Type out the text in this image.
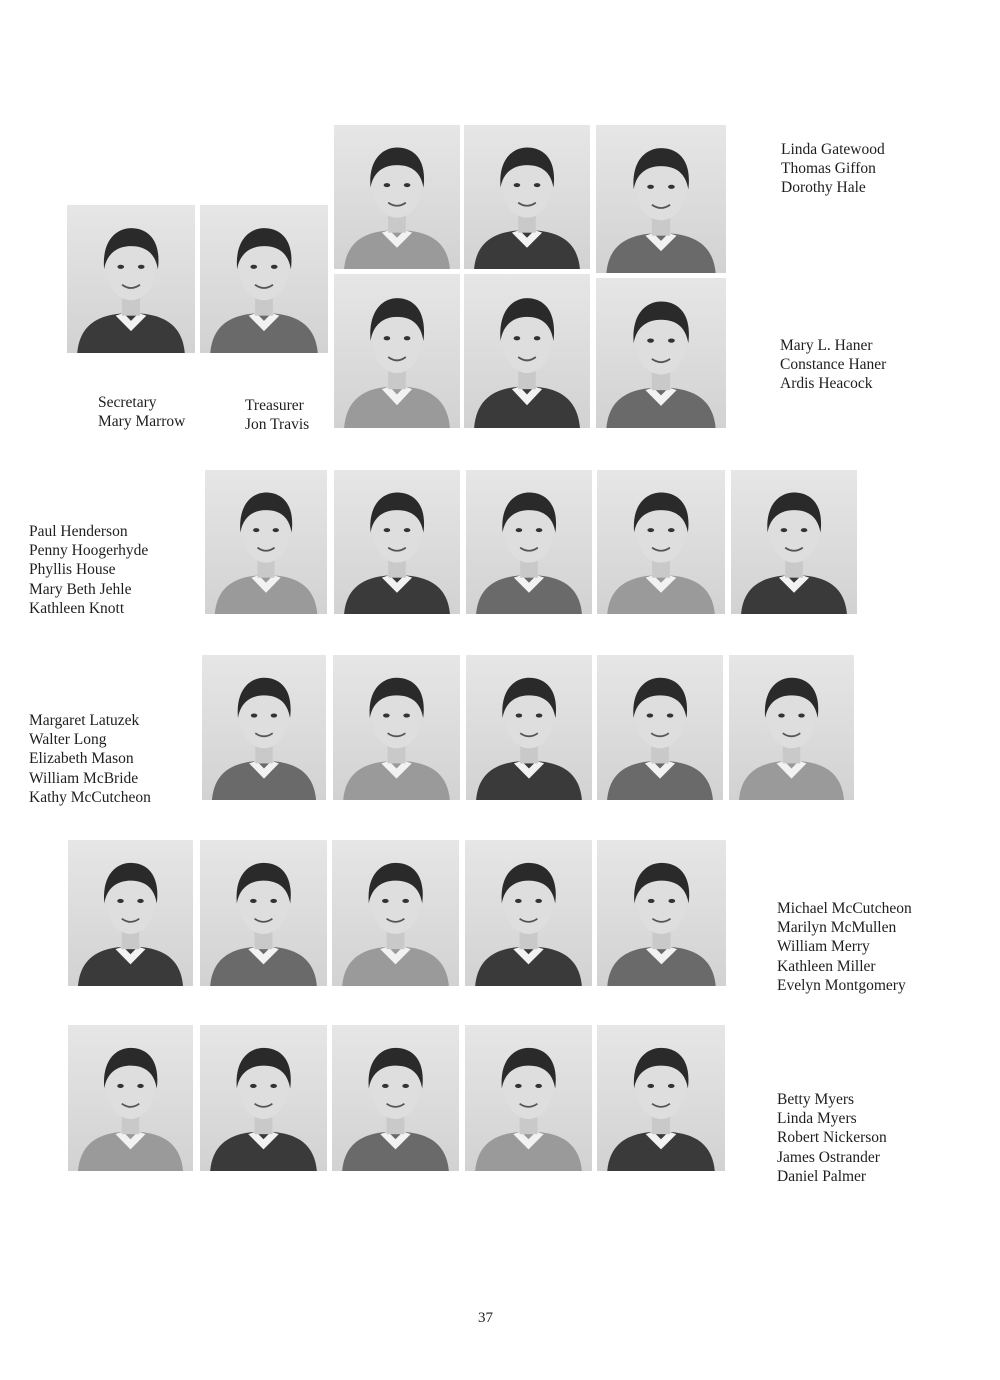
Secretary
Mary Marrow
Treasurer
Jon Travis
Linda Gatewood
Thomas Giffon
Dorothy Hale
Mary L. Haner
Constance Haner
Ardis Heacock
Paul Henderson
Penny Hoogerhyde
Phyllis House
Mary Beth Jehle
Kathleen Knott
Margaret Latuzek
Walter Long
Elizabeth Mason
William McBride
Kathy McCutcheon
Michael McCutcheon
Marilyn McMullen
William Merry
Kathleen Miller
Evelyn Montgomery
Betty Myers
Linda Myers
Robert Nickerson
James Ostrander
Daniel Palmer
37
